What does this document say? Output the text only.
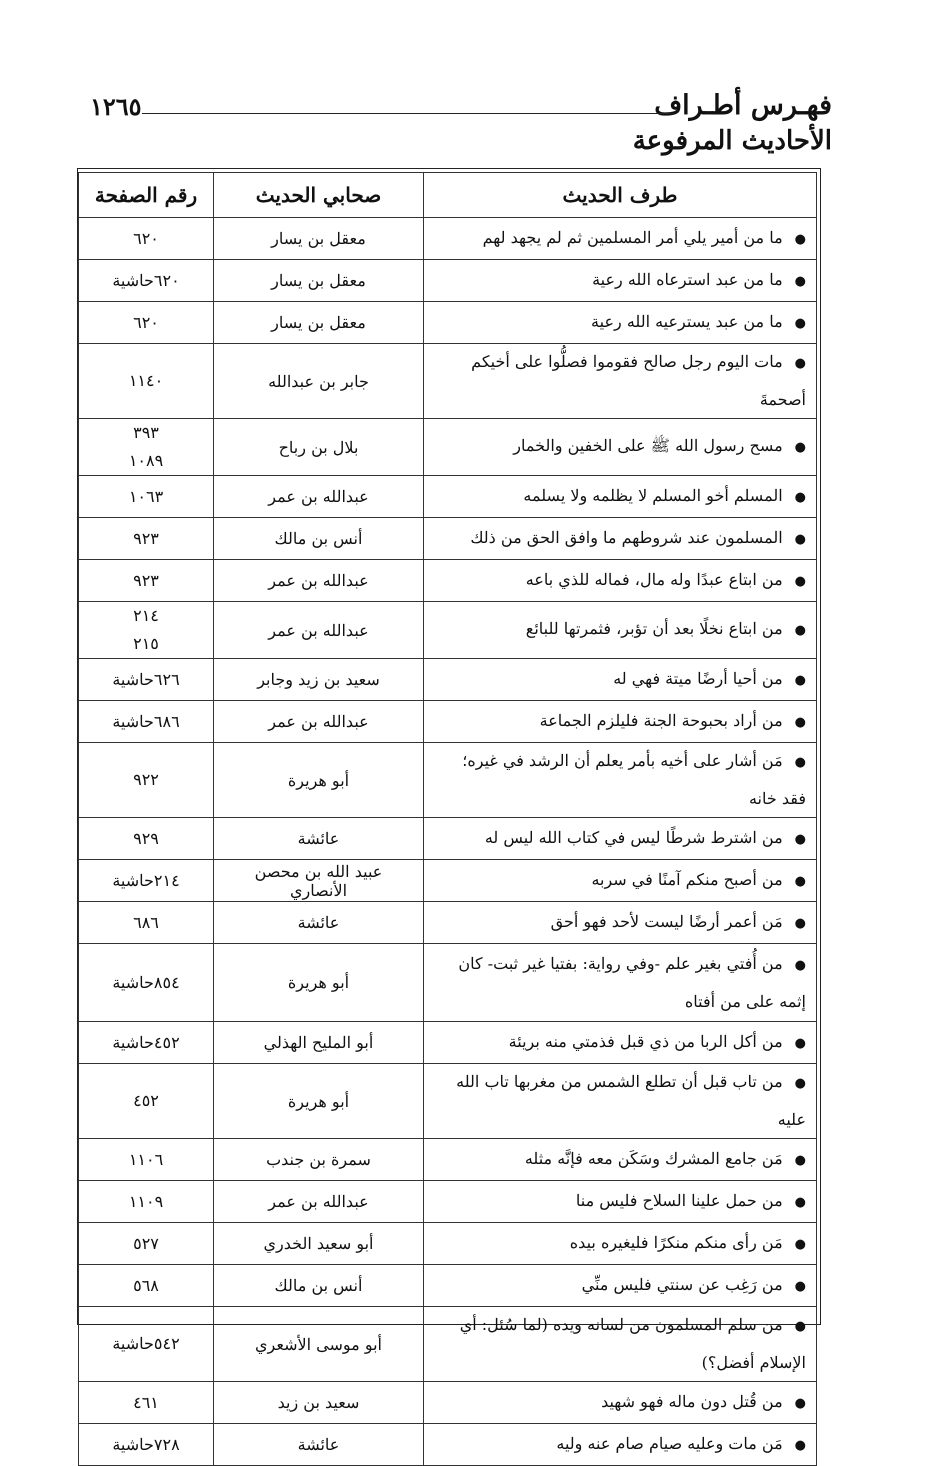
فهـرس أطـراف
الأحاديث المرفوعة
١٢٦٥
طرف الحديث	صحابي الحديث	رقم الصفحة
●ما من أمير يلي أمر المسلمين ثم لم يجهد لهم	معقل بن يسار	٦٢٠

●ما من عبد استرعاه الله رعية	معقل بن يسار	٦٢٠حاشية

●ما من عبد يسترعيه الله رعية	معقل بن يسار	٦٢٠

●مات اليوم رجل صالح فقوموا فصلُّوا على أخيكم أصحمةَ	جابر بن عبدالله	١١٤٠

●مسح رسول الله ﷺ على الخفين والخمار	بلال بن رباح	٣٩٣
١٠٨٩

●المسلم أخو المسلم لا يظلمه ولا يسلمه	عبدالله بن عمر	١٠٦٣

●المسلمون عند شروطهم ما وافق الحق من ذلك	أنس بن مالك	٩٢٣

●من ابتاع عبدًا وله مال، فماله للذي باعه	عبدالله بن عمر	٩٢٣

●من ابتاع نخلًا بعد أن تؤبر، فثمرتها للبائع	عبدالله بن عمر	٢١٤
٢١٥

●من أحيا أرضًا ميتة فهي له	سعيد بن زيد وجابر	٦٢٦حاشية

●من أراد بحبوحة الجنة فليلزم الجماعة	عبدالله بن عمر	٦٨٦حاشية

●مَن أشار على أخيه بأمر يعلم أن الرشد في غيره؛ فقد خانه	أبو هريرة	٩٢٢

●من اشترط شرطًا ليس في كتاب الله ليس له	عائشة	٩٢٩

●من أصبح منكم آمنًا في سربه	عبيد الله بن محصن الأنصاري	٢١٤حاشية

●مَن أعمر أرضًا ليست لأحد فهو أحق	عائشة	٦٨٦

●من أُفتي بغير علم -وفي رواية: بفتيا غير ثبت- كان إثمه على من أفتاه	أبو هريرة	٨٥٤حاشية

●من أكل الربا من ذي قبل فذمتي منه بريئة	أبو المليح الهذلي	٤٥٢حاشية

●من تاب قبل أن تطلع الشمس من مغربها تاب الله عليه	أبو هريرة	٤٥٢

●مَن جامع المشرك وسَكَن معه فإنَّه مثله	سمرة بن جندب	١١٠٦

●من حمل علينا السلاح فليس منا	عبدالله بن عمر	١١٠٩

●مَن رأى منكم منكرًا فليغيره بيده	أبو سعيد الخدري	٥٢٧

●من رَغِب عن سنتي فليس منِّي	أنس بن مالك	٥٦٨

●من سلم المسلمون من لسانه ويده (لما سُئل: أي الإسلام أفضل؟)	أبو موسى الأشعري	٥٤٢حاشية

●من قُتل دون ماله فهو شهيد	سعيد بن زيد	٤٦١

●مَن مات وعليه صيام صام عنه وليه	عائشة	٧٢٨حاشية
